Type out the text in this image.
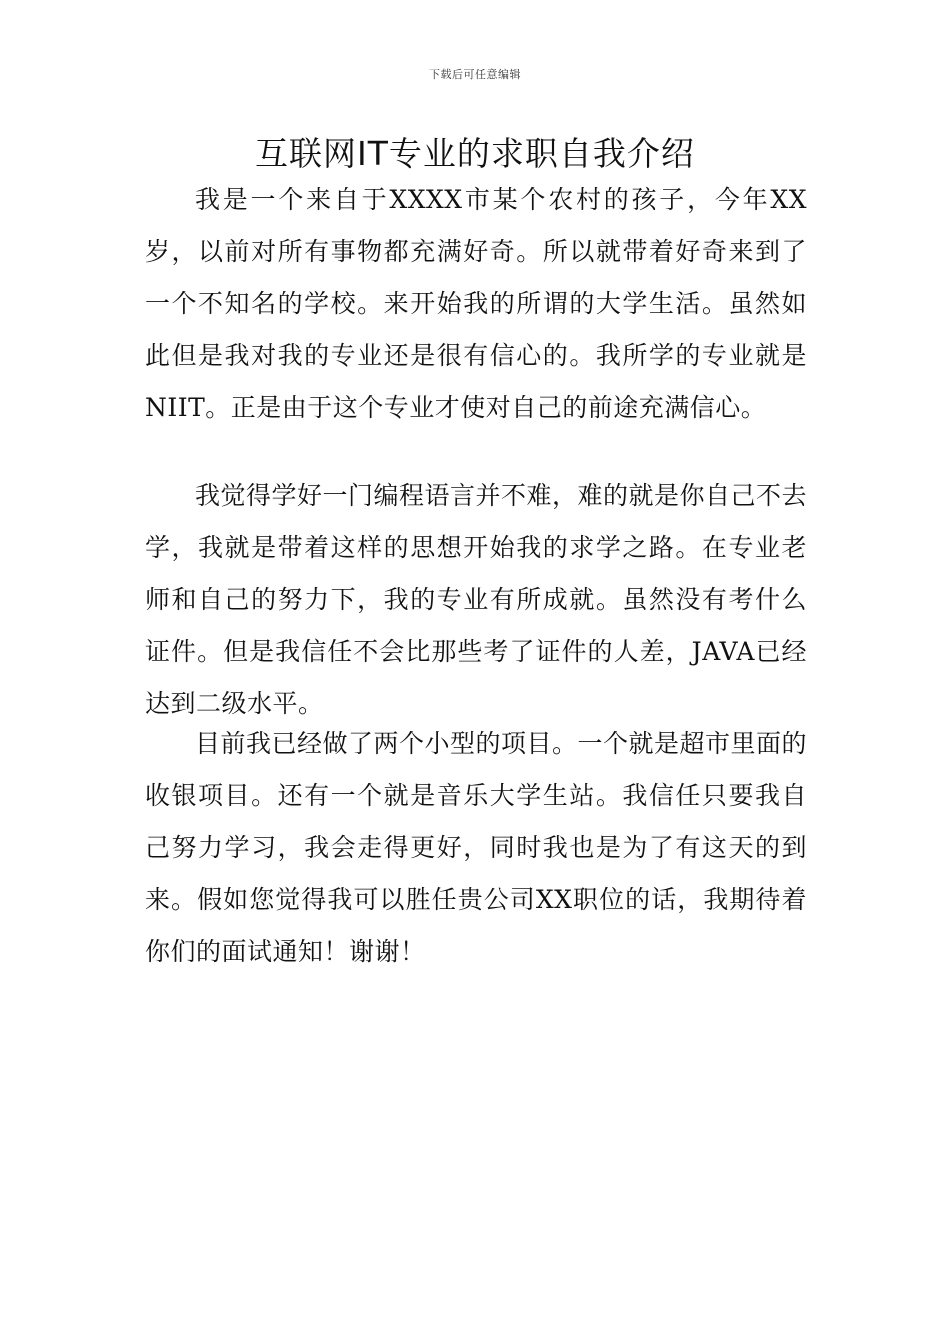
下载后可任意编辑
互联网IT专业的求职自我介绍

我是一个来自于XXXX市某个农村的孩子，今年XX岁，以前对所有事物都充满好奇。所以就带着好奇来到了一个不知名的学校。来开始我的所谓的大学生活。虽然如此但是我对我的专业还是很有信心的。我所学的专业就是NIIT。正是由于这个专业才使对自己的前途充满信心。

我觉得学好一门编程语言并不难，难的就是你自己不去学，我就是带着这样的思想开始我的求学之路。在专业老师和自己的努力下，我的专业有所成就。虽然没有考什么证件。但是我信任不会比那些考了证件的人差，JAVA已经达到二级水平。

目前我已经做了两个小型的项目。一个就是超市里面的收银项目。还有一个就是音乐大学生站。我信任只要我自己努力学习，我会走得更好，同时我也是为了有这天的到来。假如您觉得我可以胜任贵公司XX职位的话，我期待着你们的面试通知！谢谢！
